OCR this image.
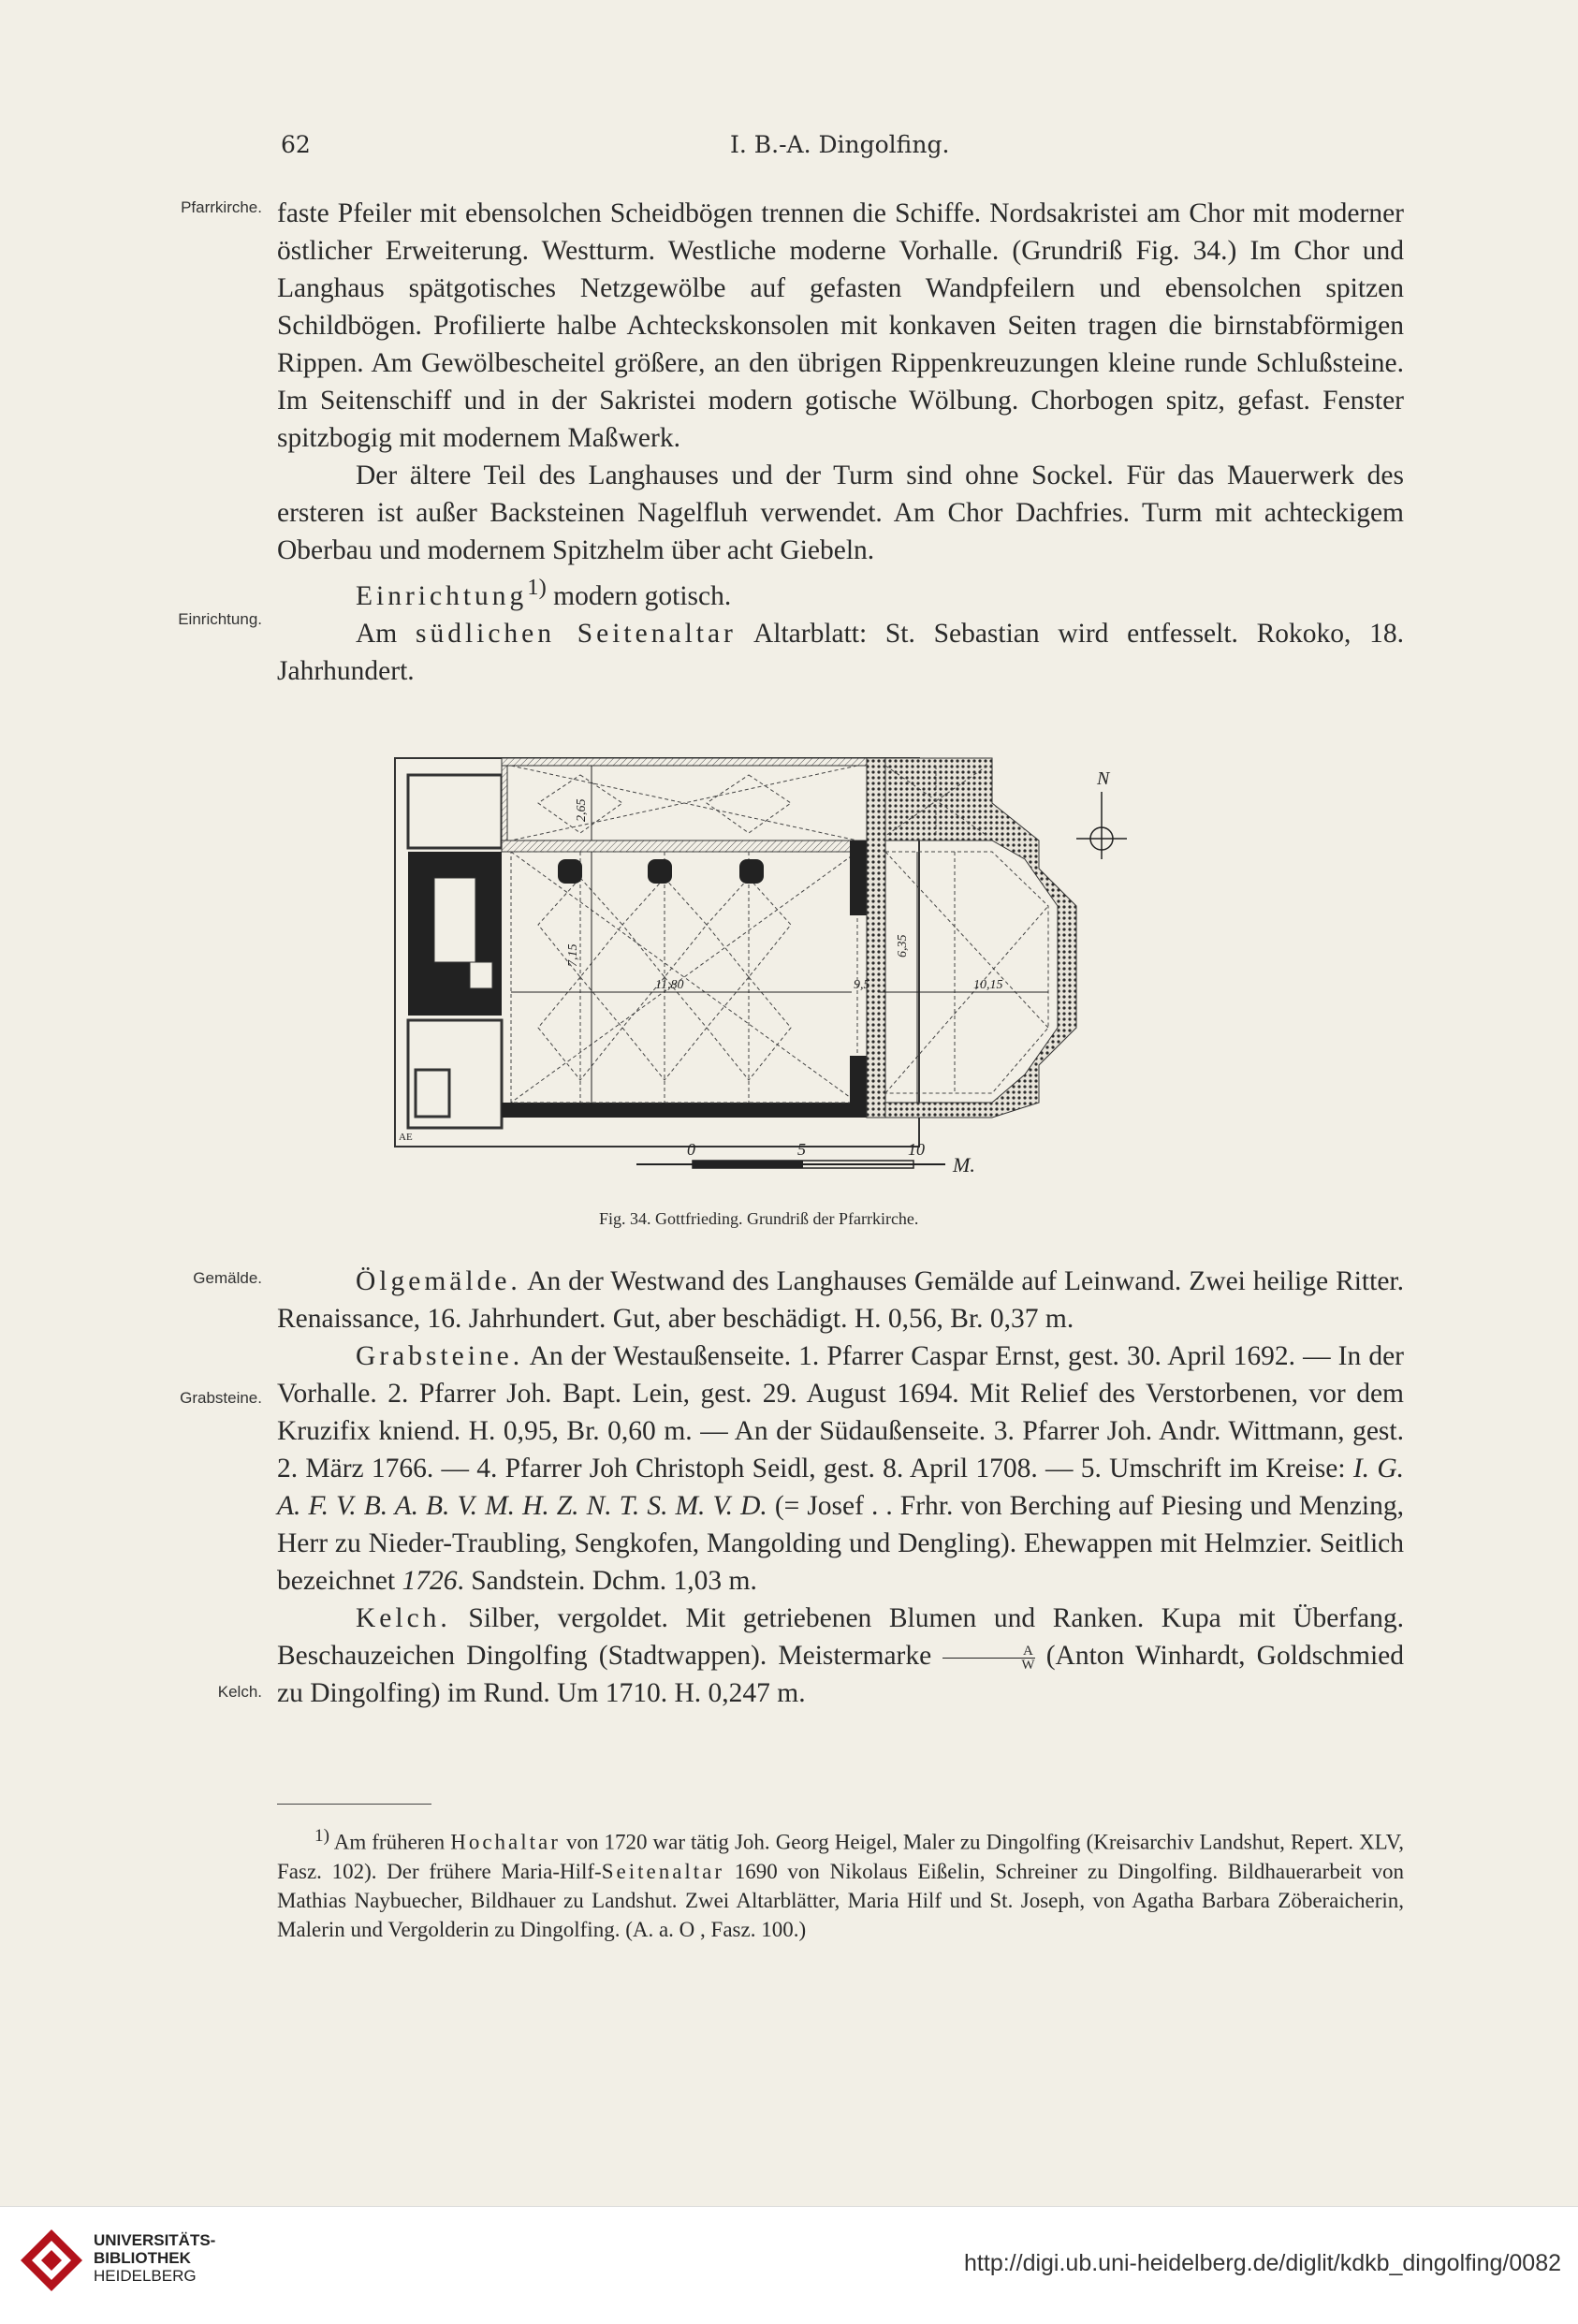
62	I. B.-A. Dingolfing.
Pfarrkirche.
Einrichtung.
Gemälde.
Grabsteine.
Kelch.

faste Pfeiler mit ebensolchen Scheidbögen trennen die Schiffe. Nordsakristei am Chor mit moderner östlicher Erweiterung. Westturm. Westliche moderne Vorhalle. (Grundriß Fig. 34.) Im Chor und Langhaus spätgotisches Netzgewölbe auf gefasten Wandpfeilern und ebensolchen spitzen Schildbögen. Profilierte halbe Achteckskonsolen mit konkaven Seiten tragen die birnstabförmigen Rippen. Am Gewölbescheitel größere, an den übrigen Rippenkreuzungen kleine runde Schlußsteine. Im Seitenschiff und in der Sakristei modern gotische Wölbung. Chorbogen spitz, gefast. Fenster spitzbogig mit modernem Maßwerk.

Der ältere Teil des Langhauses und der Turm sind ohne Sockel. Für das Mauerwerk des ersteren ist außer Backsteinen Nagelfluh verwendet. Am Chor Dachfries. Turm mit achteckigem Oberbau und modernem Spitzhelm über acht Giebeln.

Einrichtung$^{1)}$ modern gotisch.

Am südlichen Seitenaltar Altarblatt: St. Sebastian wird entfesselt. Rokoko, 18. Jahrhundert.

7,15
11,80	9,5	10,15
6,35
2,65
AE
N
0	5	10
M.
Fig. 34. Gottfrieding. Grundriß der Pfarrkirche.

Ölgemälde. An der Westwand des Langhauses Gemälde auf Leinwand. Zwei heilige Ritter. Renaissance, 16. Jahrhundert. Gut, aber beschädigt. H. 0,56, Br. 0,37 m.

Grabsteine. An der Westaußenseite. 1. Pfarrer Caspar Ernst, gest. 30. April 1692. — In der Vorhalle. 2. Pfarrer Joh. Bapt. Lein, gest. 29. August 1694. Mit Relief des Verstorbenen, vor dem Kruzifix kniend. H. 0,95, Br. 0,60 m. — An der Südaußenseite. 3. Pfarrer Joh. Andr. Wittmann, gest. 2. März 1766. — 4. Pfarrer Joh Christoph Seidl, gest. 8. April 1708. — 5. Umschrift im Kreise: I. G. A. F. V. B. A. B. V. M. H. Z. N. T. S. M. V. D. (= Josef . . Frhr. von Berching auf Piesing und Menzing, Herr zu Nieder-Traubling, Sengkofen, Mangolding und Dengling). Ehewappen mit Helmzier. Seitlich bezeichnet 1726. Sandstein. Dchm. 1,03 m.

Kelch. Silber, vergoldet. Mit getriebenen Blumen und Ranken. Kupa mit Überfang. Beschauzeichen Dingolfing (Stadtwappen). Meistermarke $\frac{A}{W}$ (Anton Winhardt, Goldschmied zu Dingolfing) im Rund. Um 1710. H. 0,247 m.

$^{1)}$ Am früheren Hochaltar von 1720 war tätig Joh. Georg Heigel, Maler zu Dingolfing (Kreisarchiv Landshut, Repert. XLV, Fasz. 102). Der frühere Maria-Hilf-Seitenaltar 1690 von Nikolaus Eißelin, Schreiner zu Dingolfing. Bildhauerarbeit von Mathias Naybuecher, Bildhauer zu Landshut. Zwei Altarblätter, Maria Hilf und St. Joseph, von Agatha Barbara Zöberaicherin, Malerin und Vergolderin zu Dingolfing. (A. a. O , Fasz. 100.)
UNIVERSITÄTS-
BIBLIOTHEK
HEIDELBERG	http://digi.ub.uni-heidelberg.de/diglit/kdkb_dingolfing/0082
